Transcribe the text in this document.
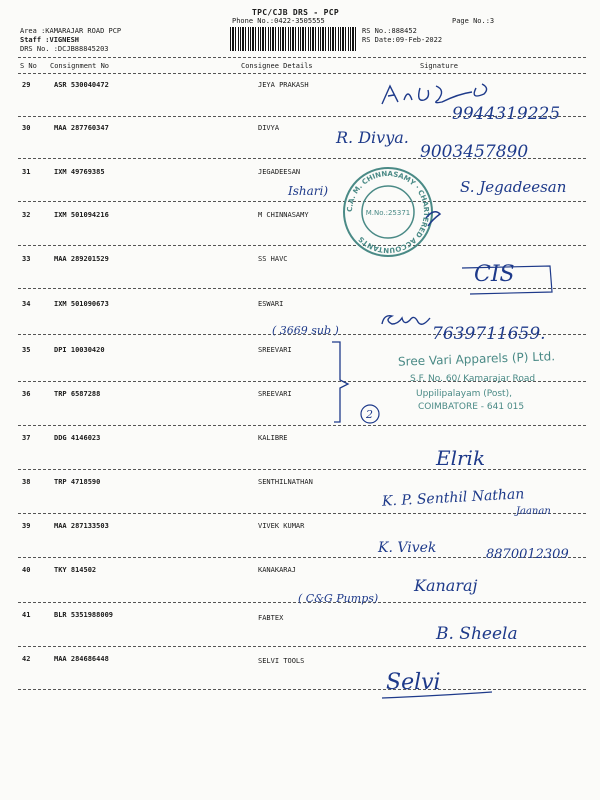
TPC/CJB DRS - PCP
Phone No.:0422-3505555	Page No.:3
Area :KAMARAJAR ROAD PCP
Staff :VIGNESH
DRS No. :DCJB88845203
RS No.:888452
RS Date:09-Feb-2022
S No Consignment No	Consignee Details	Signature
29	ASR 530040472	JEYA PRAKASH
30	MAA 287760347	DIVYA
31	IXM 49769385	JEGADEESAN
32	IXM 501094216	M CHINNASAMY
33	MAA 289201529	SS HAVC
34	IXM 501090673	ESWARI
35	DPI 10030420	SREEVARI
36	TRP 6587288	SREEVARI
37	DDG 4146023	KALIBRE
38	TRP 4718590	SENTHILNATHAN
39	MAA 287133503	VIVEK KUMAR
40	TKY 814502	KANAKARAJ
41	BLR 5351988009	FABTEX
42	MAA 284686448	SELVI TOOLS
9944319225
R. Divya.
9003457890
Ishari)	S. Jegadeesan
C.A. M. CHINNASAMY · CHARTERED ACCOUNTANTS
M.No.:25371
CIS
( 3669 sub )	7639711659.
2
Sree Vari Apparels (P) Ltd.
S.F. No. 60/ Kamarajar Road
Uppilipalayam (Post),
COIMBATORE - 641 015
Elrik
K. P. Senthil Nathan
Jaanan
K. Vivek	8870012309
( C&G Pumps)
Kanaraj
B. Sheela
Selvi
